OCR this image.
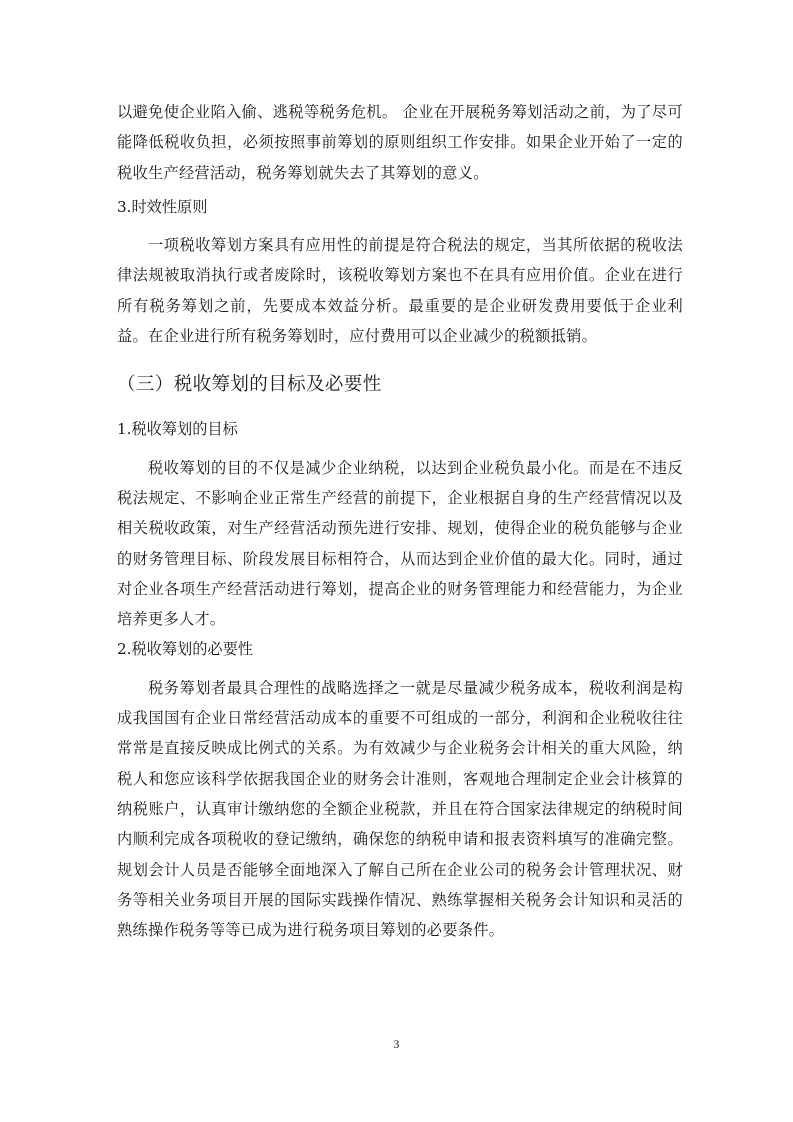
以避免使企业陷入偷、逃税等税务危机。 企业在开展税务筹划活动之前，为了尽可能降低税收负担，必须按照事前筹划的原则组织工作安排。如果企业开始了一定的税收生产经营活动，税务筹划就失去了其筹划的意义。

3.时效性原则

一项税收筹划方案具有应用性的前提是符合税法的规定，当其所依据的税收法律法规被取消执行或者废除时，该税收筹划方案也不在具有应用价值。企业在进行所有税务筹划之前，先要成本效益分析。最重要的是企业研发费用要低于企业利益。在企业进行所有税务筹划时，应付费用可以企业减少的税额抵销。

（三）税收筹划的目标及必要性

1.税收筹划的目标

税收筹划的目的不仅是减少企业纳税，以达到企业税负最小化。而是在不违反税法规定、不影响企业正常生产经营的前提下，企业根据自身的生产经营情况以及相关税收政策，对生产经营活动预先进行安排、规划，使得企业的税负能够与企业的财务管理目标、阶段发展目标相符合，从而达到企业价值的最大化。同时，通过对企业各项生产经营活动进行筹划，提高企业的财务管理能力和经营能力，为企业培养更多人才。

2.税收筹划的必要性

税务筹划者最具合理性的战略选择之一就是尽量减少税务成本，税收利润是构成我国国有企业日常经营活动成本的重要不可组成的一部分，利润和企业税收往往常常是直接反映成比例式的关系。为有效减少与企业税务会计相关的重大风险，纳税人和您应该科学依据我国企业的财务会计准则，客观地合理制定企业会计核算的纳税账户，认真审计缴纳您的全额企业税款，并且在符合国家法律规定的纳税时间内顺利完成各项税收的登记缴纳，确保您的纳税申请和报表资料填写的准确完整。规划会计人员是否能够全面地深入了解自己所在企业公司的税务会计管理状况、财务等相关业务项目开展的国际实践操作情况、熟练掌握相关税务会计知识和灵活的熟练操作税务等等已成为进行税务项目筹划的必要条件。

3
